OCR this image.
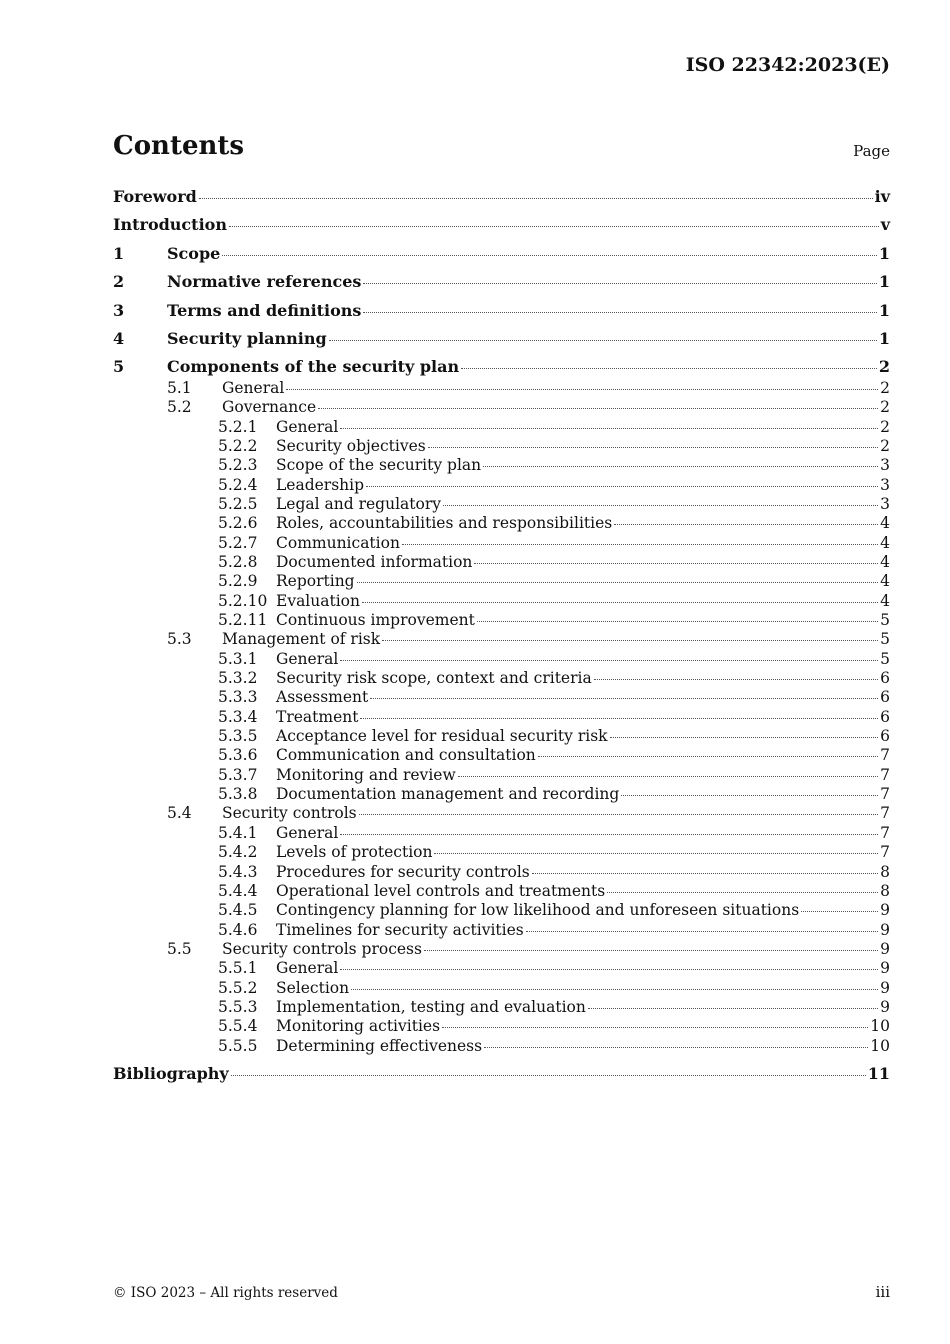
ISO 22342:2023(E)
Contents	Page
Foreword	iv
Introduction	v
1	Scope	1
2	Normative references	1
3	Terms and definitions	1
4	Security planning	1
5	Components of the security plan	2
5.1	General	2
5.2	Governance	2
5.2.1	General	2
5.2.2	Security objectives	2
5.2.3	Scope of the security plan	3
5.2.4	Leadership	3
5.2.5	Legal and regulatory	3
5.2.6	Roles, accountabilities and responsibilities	4
5.2.7	Communication	4
5.2.8	Documented information	4
5.2.9	Reporting	4
5.2.10 Evaluation	4
5.2.11 Continuous improvement	5
5.3	Management of risk	5
5.3.1	General	5
5.3.2	Security risk scope, context and criteria	6
5.3.3	Assessment	6
5.3.4	Treatment	6
5.3.5	Acceptance level for residual security risk	6
5.3.6	Communication and consultation	7
5.3.7	Monitoring and review	7
5.3.8	Documentation management and recording	7
5.4	Security controls	7
5.4.1	General	7
5.4.2	Levels of protection	7
5.4.3	Procedures for security controls	8
5.4.4	Operational level controls and treatments	8
5.4.5	Contingency planning for low likelihood and unforeseen situations	9
5.4.6	Timelines for security activities	9
5.5	Security controls process	9
5.5.1	General	9
5.5.2	Selection	9
5.5.3	Implementation, testing and evaluation	9
5.5.4	Monitoring activities	10
5.5.5	Determining effectiveness	10
Bibliography	11
© ISO 2023 – All rights reserved	iii
